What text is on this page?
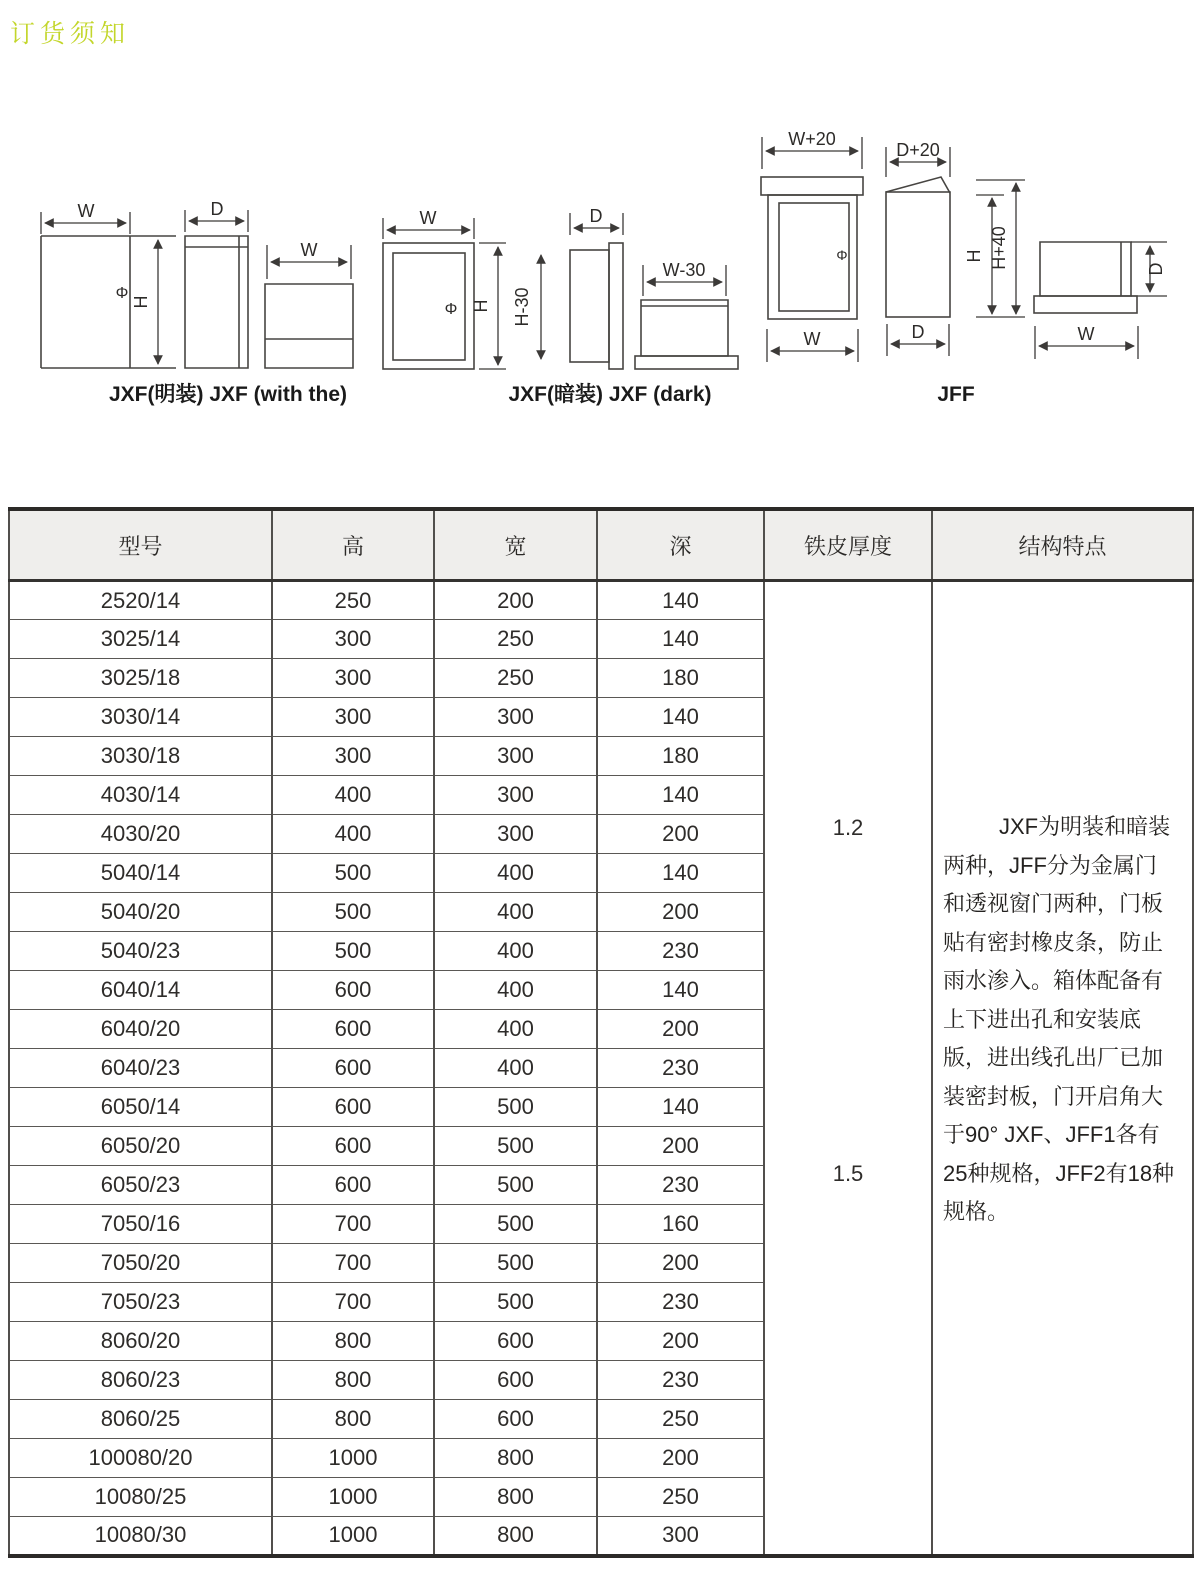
订货须知
W
H
Φ
D
W
JXF(明装) JXF (with the)
Φ
W
H
D
H-30
W-30
JXF(暗装) JXF (dark)
Φ
W+20
W
D+20
D
H H+40	D
W
JFF
型号	高	宽	深	铁皮厚度	结构特点
2520/14	250	200	140	
1.2
1.5

JXF为明装和暗装
两种，JFF分为金属门
和透视窗门两种，门板
贴有密封橡皮条，防止
雨水渗入。箱体配备有
上下进出孔和安装底
版，进出线孔出厂已加
装密封板，门开启角大
于90° JXF、JFF1各有
25种规格，JFF2有18种
规格。

3025/14	300	250	140		
3025/18	300	250	180		
3030/14	300	300	140		
3030/18	300	300	180		
4030/14	400	300	140		
4030/20	400	300	200		
5040/14	500	400	140		
5040/20	500	400	200		
5040/23	500	400	230		
6040/14	600	400	140		
6040/20	600	400	200		
6040/23	600	400	230		
6050/14	600	500	140		
6050/20	600	500	200		
6050/23	600	500	230		
7050/16	700	500	160		
7050/20	700	500	200		
7050/23	700	500	230		
8060/20	800	600	200		
8060/23	800	600	230		
8060/25	800	600	250		
100080/20	1000	800	200		
10080/25	1000	800	250		
10080/30	1000	800	300		
